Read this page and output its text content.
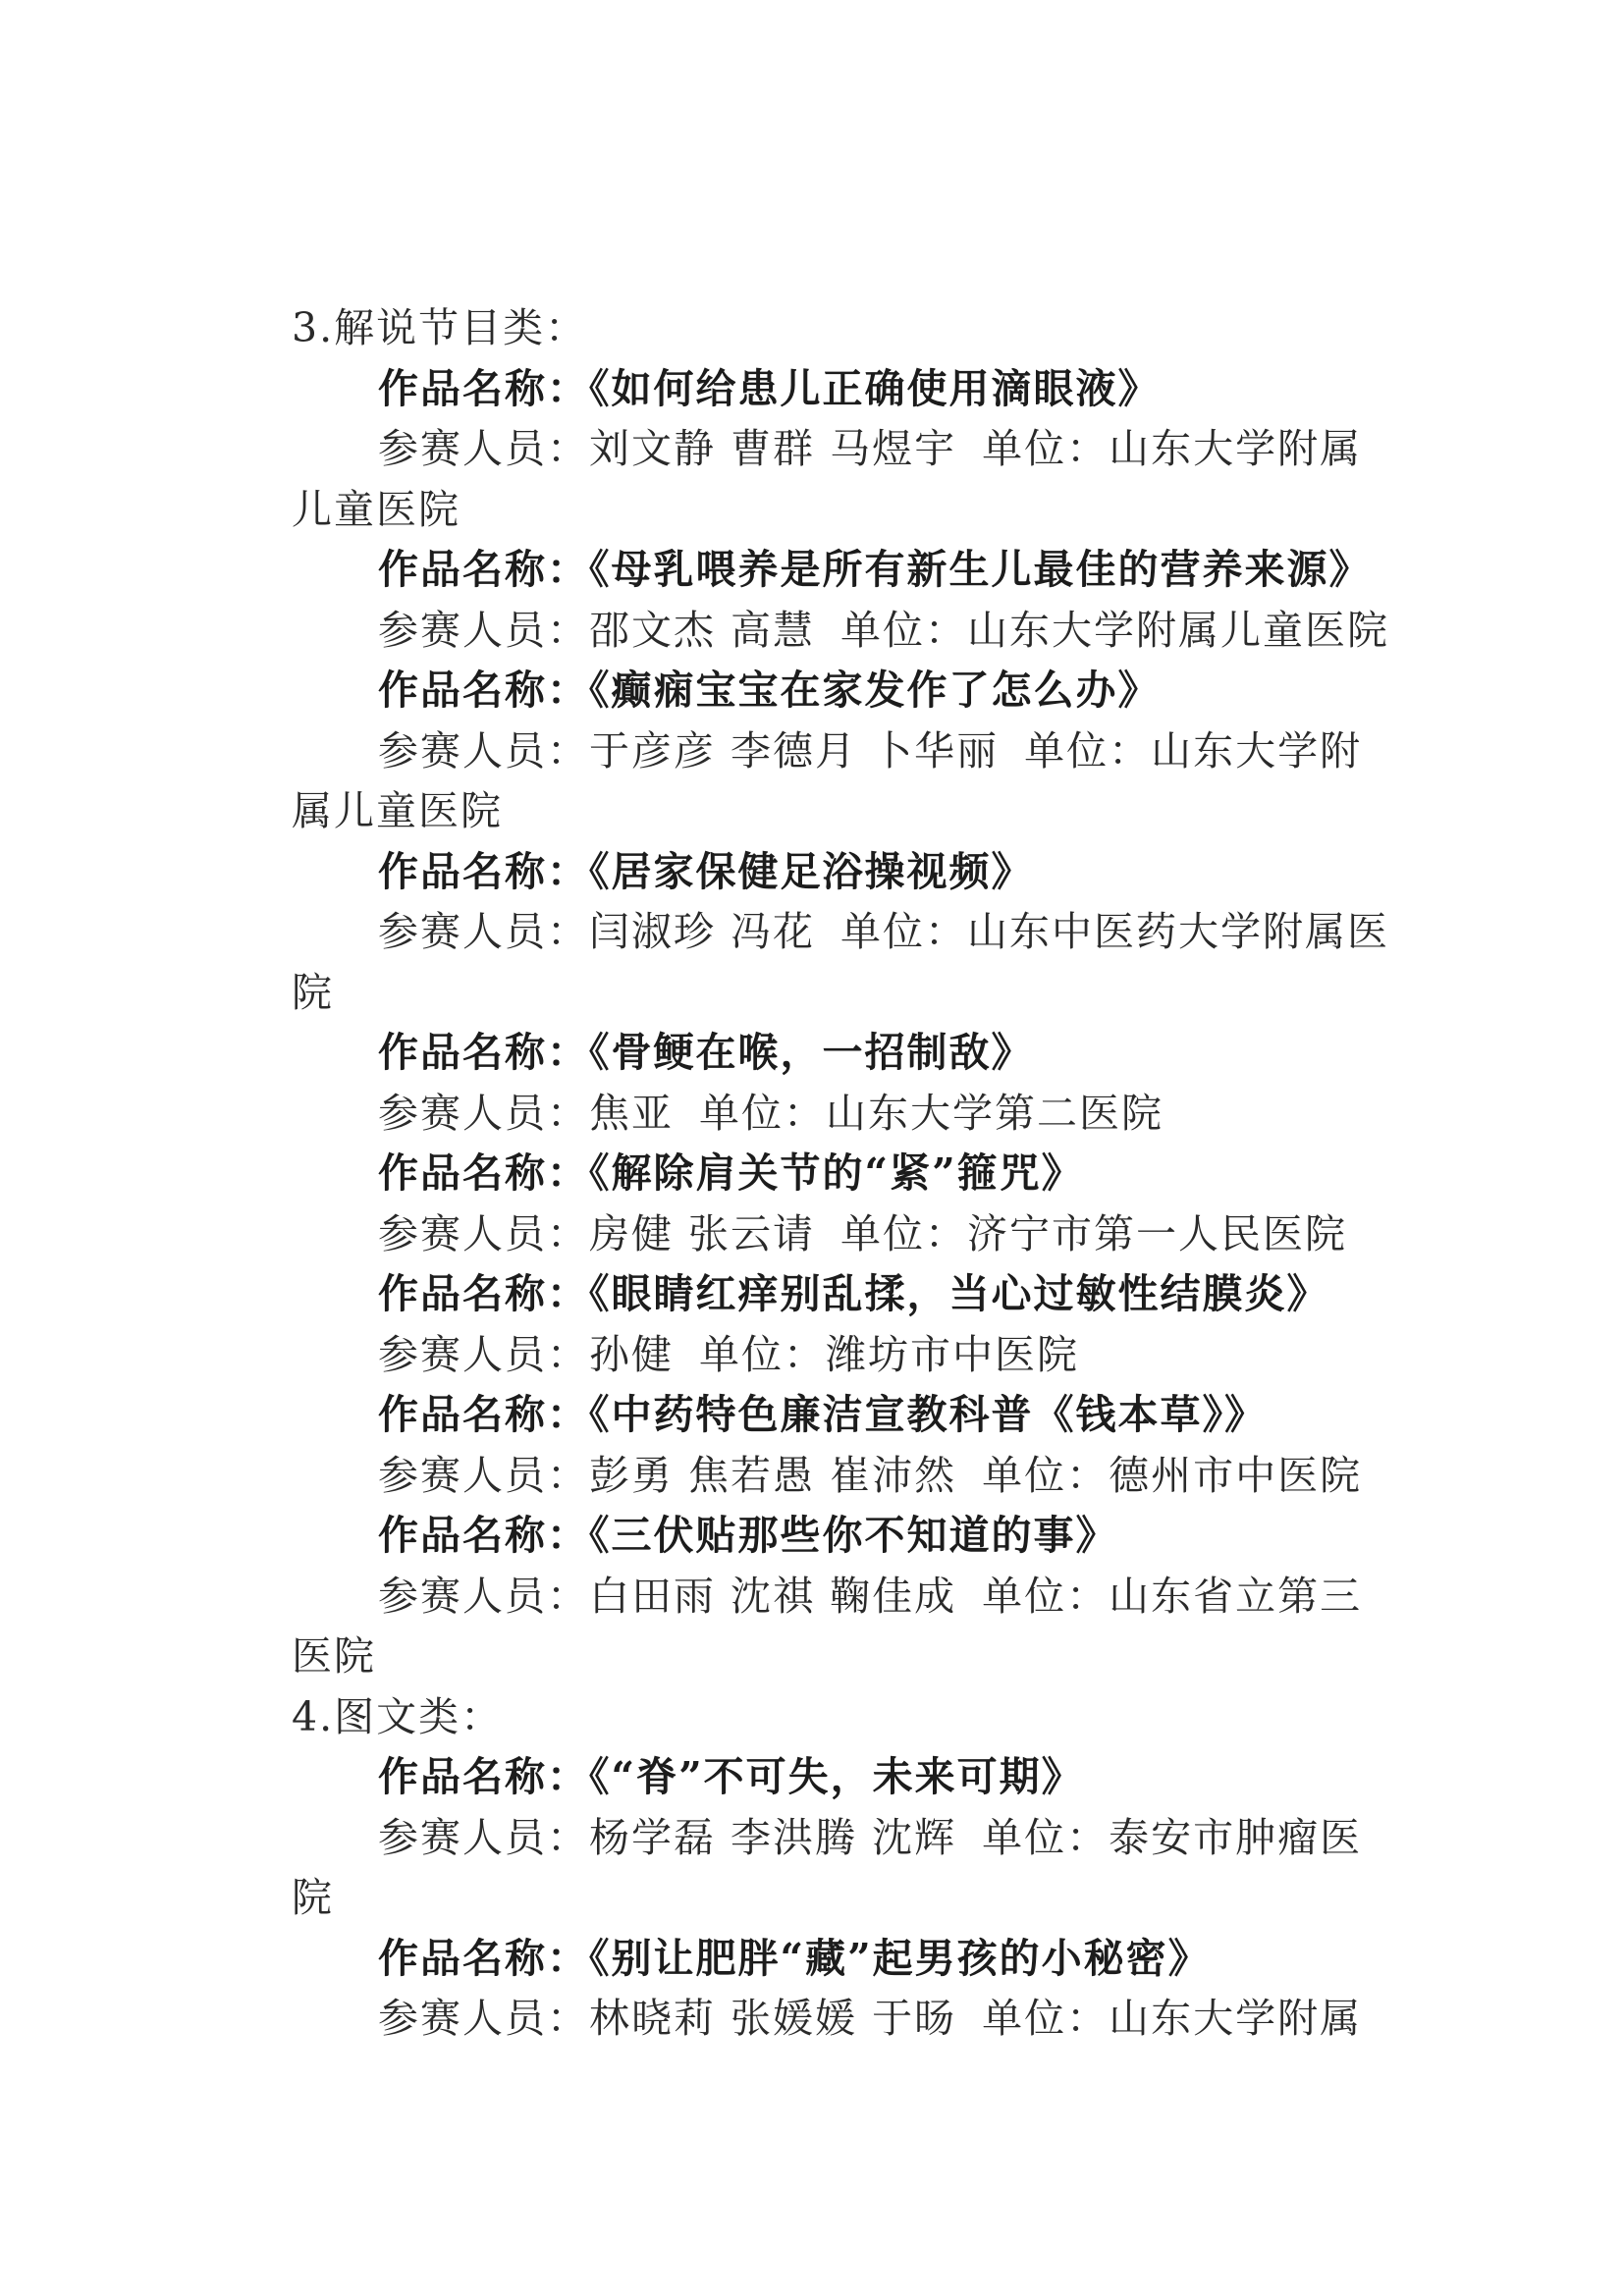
3.解说节目类：
作品名称：《如何给患儿正确使用滴眼液》
参赛人员：刘文静 曹群 马煜宇 单位：山东大学附属
儿童医院
作品名称：《母乳喂养是所有新生儿最佳的营养来源》
参赛人员：邵文杰 高慧 单位：山东大学附属儿童医院
作品名称：《癫痫宝宝在家发作了怎么办》
参赛人员：于彦彦 李德月 卜华丽 单位：山东大学附
属儿童医院
作品名称：《居家保健足浴操视频》
参赛人员：闫淑珍 冯花 单位：山东中医药大学附属医
院
作品名称：《骨鲠在喉，一招制敌》
参赛人员：焦亚 单位：山东大学第二医院
作品名称：《解除肩关节的“紧”箍咒》
参赛人员：房健 张云请 单位：济宁市第一人民医院
作品名称：《眼睛红痒别乱揉，当心过敏性结膜炎》
参赛人员：孙健 单位：潍坊市中医院
作品名称：《中药特色廉洁宣教科普《钱本草》》
参赛人员：彭勇 焦若愚 崔沛然 单位：德州市中医院
作品名称：《三伏贴那些你不知道的事》
参赛人员：白田雨 沈祺 鞠佳成 单位：山东省立第三
医院
4.图文类：
作品名称：《“脊”不可失，未来可期》
参赛人员：杨学磊 李洪腾 沈辉 单位：泰安市肿瘤医
院
作品名称：《别让肥胖“藏”起男孩的小秘密》
参赛人员：林晓莉 张媛媛 于旸 单位：山东大学附属
